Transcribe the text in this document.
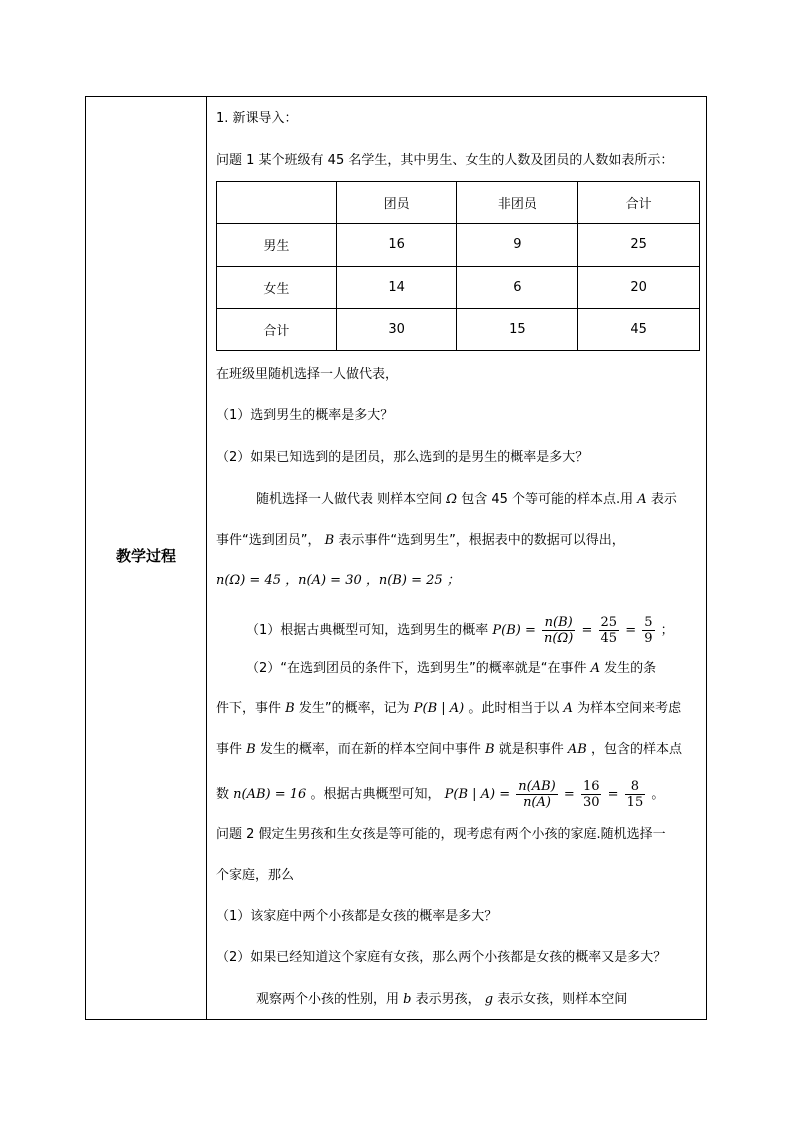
教学过程
1. 新课导入：
问题 1 某个班级有 45 名学生，其中男生、女生的人数及团员的人数如表所示：
	团员	非团员	合计
男生	16	9	25
女生	14	6	20
合计	30	15	45
在班级里随机选择一人做代表，
（1）选到男生的概率是多大？
（2）如果已知选到的是团员，那么选到的是男生的概率是多大？
随机选择一人做代表 则样本空间 Ω 包含 45 个等可能的样本点.用 A 表示
事件“选到团员”， B 表示事件“选到男生”，根据表中的数据可以得出，
n(Ω) = 45 ，n(A) = 30 ，n(B) = 25 ；
（1）根据古典概型可知，选到男生的概率 $P(B) = \frac{n(B)}{n(\Omega)} = \frac{25}{45} = \frac{5}{9}$ ；
（2）“在选到团员的条件下，选到男生”的概率就是“在事件 A 发生的条
件下，事件 B 发生”的概率，记为 P(B | A) 。此时相当于以 A 为样本空间来考虑
事件 B 发生的概率，而在新的样本空间中事件 B 就是积事件 AB ，包含的样本点
数 n(AB) = 16 。根据古典概型可知， P(B | $A) = \frac{n(AB)}{n(A)} = \frac{16}{30} = \frac{8}{15}$ 。
问题 2 假定生男孩和生女孩是等可能的，现考虑有两个小孩的家庭.随机选择一
个家庭，那么
（1）该家庭中两个小孩都是女孩的概率是多大？
（2）如果已经知道这个家庭有女孩，那么两个小孩都是女孩的概率又是多大？
观察两个小孩的性别，用 b 表示男孩， g 表示女孩，则样本空间
